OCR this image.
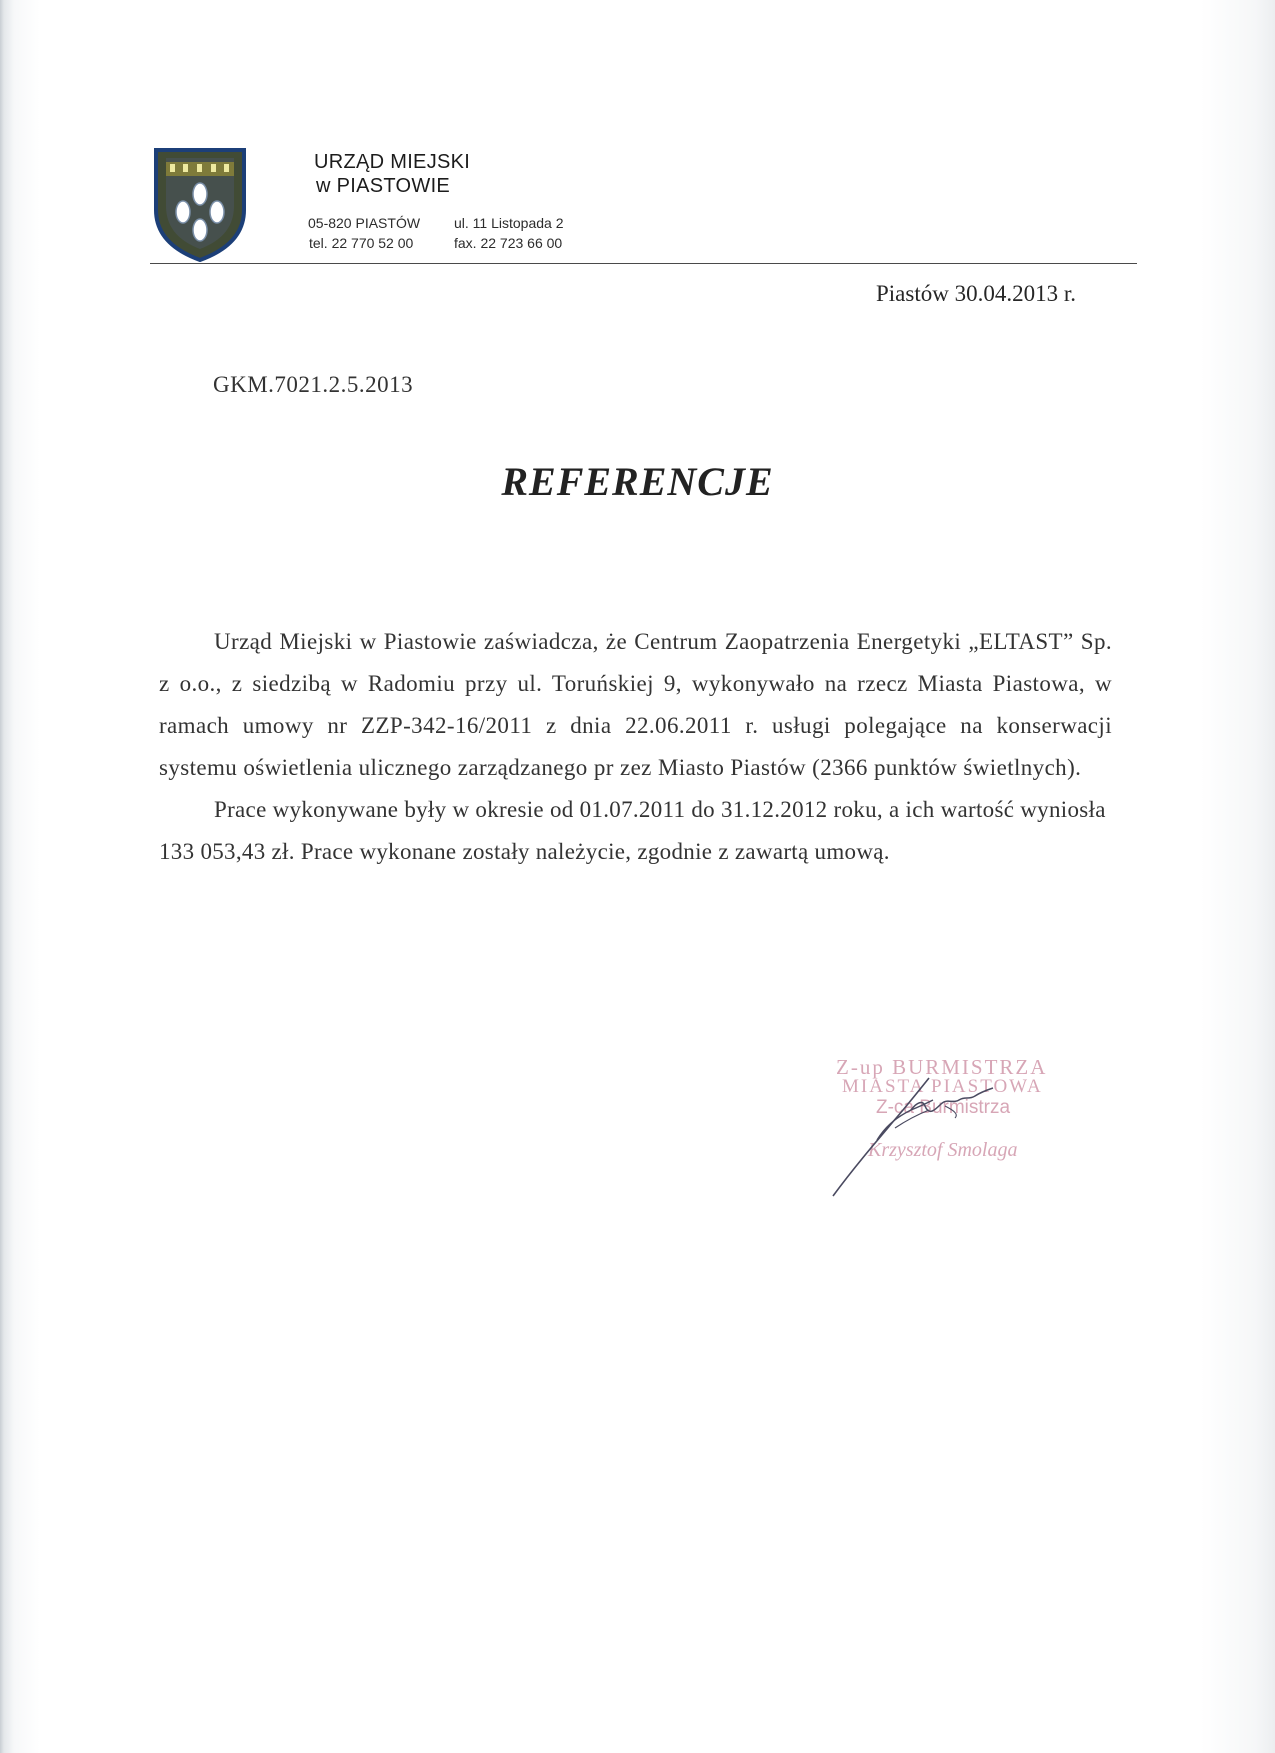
URZĄD MIEJSKI
w PIASTOWIE
05-820 PIASTÓW ul. 11 Listopada 2
tel. 22 770 52 00	fax. 22 723 66 00
Piastów 30.04.2013 r.
GKM.7021.2.5.2013
REFERENCJE

Urząd Miejski w Piastowie zaświadcza, że Centrum Zaopatrzenia Energetyki „ELTAST” Sp. z o.o., z siedzibą w Radomiu przy ul. Toruńskiej 9, wykonywało na rzecz Miasta Piastowa, w ramach umowy nr ZZP-342-16/2011 z dnia 22.06.2011 r. usługi polegające na konserwacji systemu oświetlenia ulicznego zarządzanego pr zez Miasto Piastów (2366 punktów świetlnych).

Prace wykonywane były w okresie od 01.07.2011 do 31.12.2012 roku, a ich wartość wyniosła 133 053,43 zł. Prace wykonane zostały należycie, zgodnie z zawartą umową.

Z-up BURMISTRZA
MIASTA PIASTOWA
Z-ca Burmistrza
Krzysztof Smolaga
